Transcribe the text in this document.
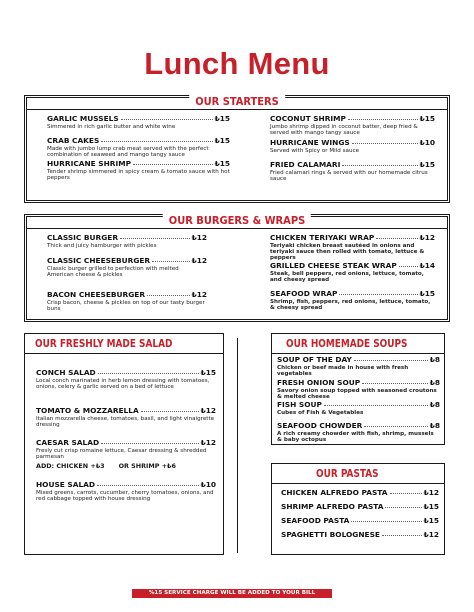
Lunch Menu
OUR STARTERS
GARLIC MUSSELS	₺15
Simmered in rich garlic butter and white wine
CRAB CAKES	₺15
Made with jumbo lump crab meat served with the perfect combination of seaweed and mango tangy sauce
HURRICANE SHRIMP	₺15
Tender shrimp simmered in spicy cream & tomato sauce with hot peppers
COCONUT SHRIMP	₺15
Jumbo shrimp dipped in coconut batter, deep fried & served with mango tangy sauce
HURRICANE WINGS	₺10
Served with Spicy or Mild sauce
FRIED CALAMARI	₺15
Fried calamari rings & served with our homemade citrus sauce
OUR BURGERS & WRAPS
CLASSIC BURGER	₺12
Thick and juicy hamburger with pickles
CLASSIC CHEESEBURGER	₺12
Classic burger grilled to perfection with melted American cheese & pickles
BACON CHEESEBURGER	₺12
Crisp bacon, cheese & pickles on top of our tasty burger buns
CHICKEN TERIYAKI WRAP	₺12
Teriyaki chicken breast sautéed in onions and teriyaki sauce then rolled with tomato, lettuce & peppers
GRILLED CHEESE STEAK WRAP	₺14
Steak, bell peppers, red onions, lettuce, tomato, and cheesy spread
SEAFOOD WRAP	₺15
Shrimp, fish, peppers, red onions, lettuce, tomato, & cheesy spread
OUR FRESHLY MADE SALAD
CONCH SALAD	₺15
Local conch marinated in herb lemon dressing with tomatoes, onions, celery & garlic served on a bed of lettuce
TOMATO & MOZZARELLA	₺12
Italian mozzarella cheese, tomatoes, basil, and light vinaigrette dressing
CAESAR SALAD	₺12
Fresly cut crisp romaine lettuce, Caesar dressing & shredded parmesan
ADD: CHICKEN +₺3 OR SHRIMP +₺6
HOUSE SALAD	₺10
Mixed greens, carrots, cucumber, cherry tomatoes, onions, and red cabbage topped with house dressing
OUR HOMEMADE SOUPS
SOUP OF THE DAY	₺8
Chicken or beef made in house with fresh vegetables
FRESH ONION SOUP	₺8
Savory onion soup topped with seasoned croutons & melted cheese
FISH SOUP	₺8
Cubes of Fish & Vegetables
SEAFOOD CHOWDER	₺8
A rich creamy chowder with fish, shrimp, mussels & baby octopus
OUR PASTAS
CHICKEN ALFREDO PASTA	₺12
SHRIMP ALFREDO PASTA	₺15
SEAFOOD PASTA	₺15
SPAGHETTI BOLOGNESE	₺12
%15 SERVICE CHARGE WILL BE ADDED TO YOUR BILL
